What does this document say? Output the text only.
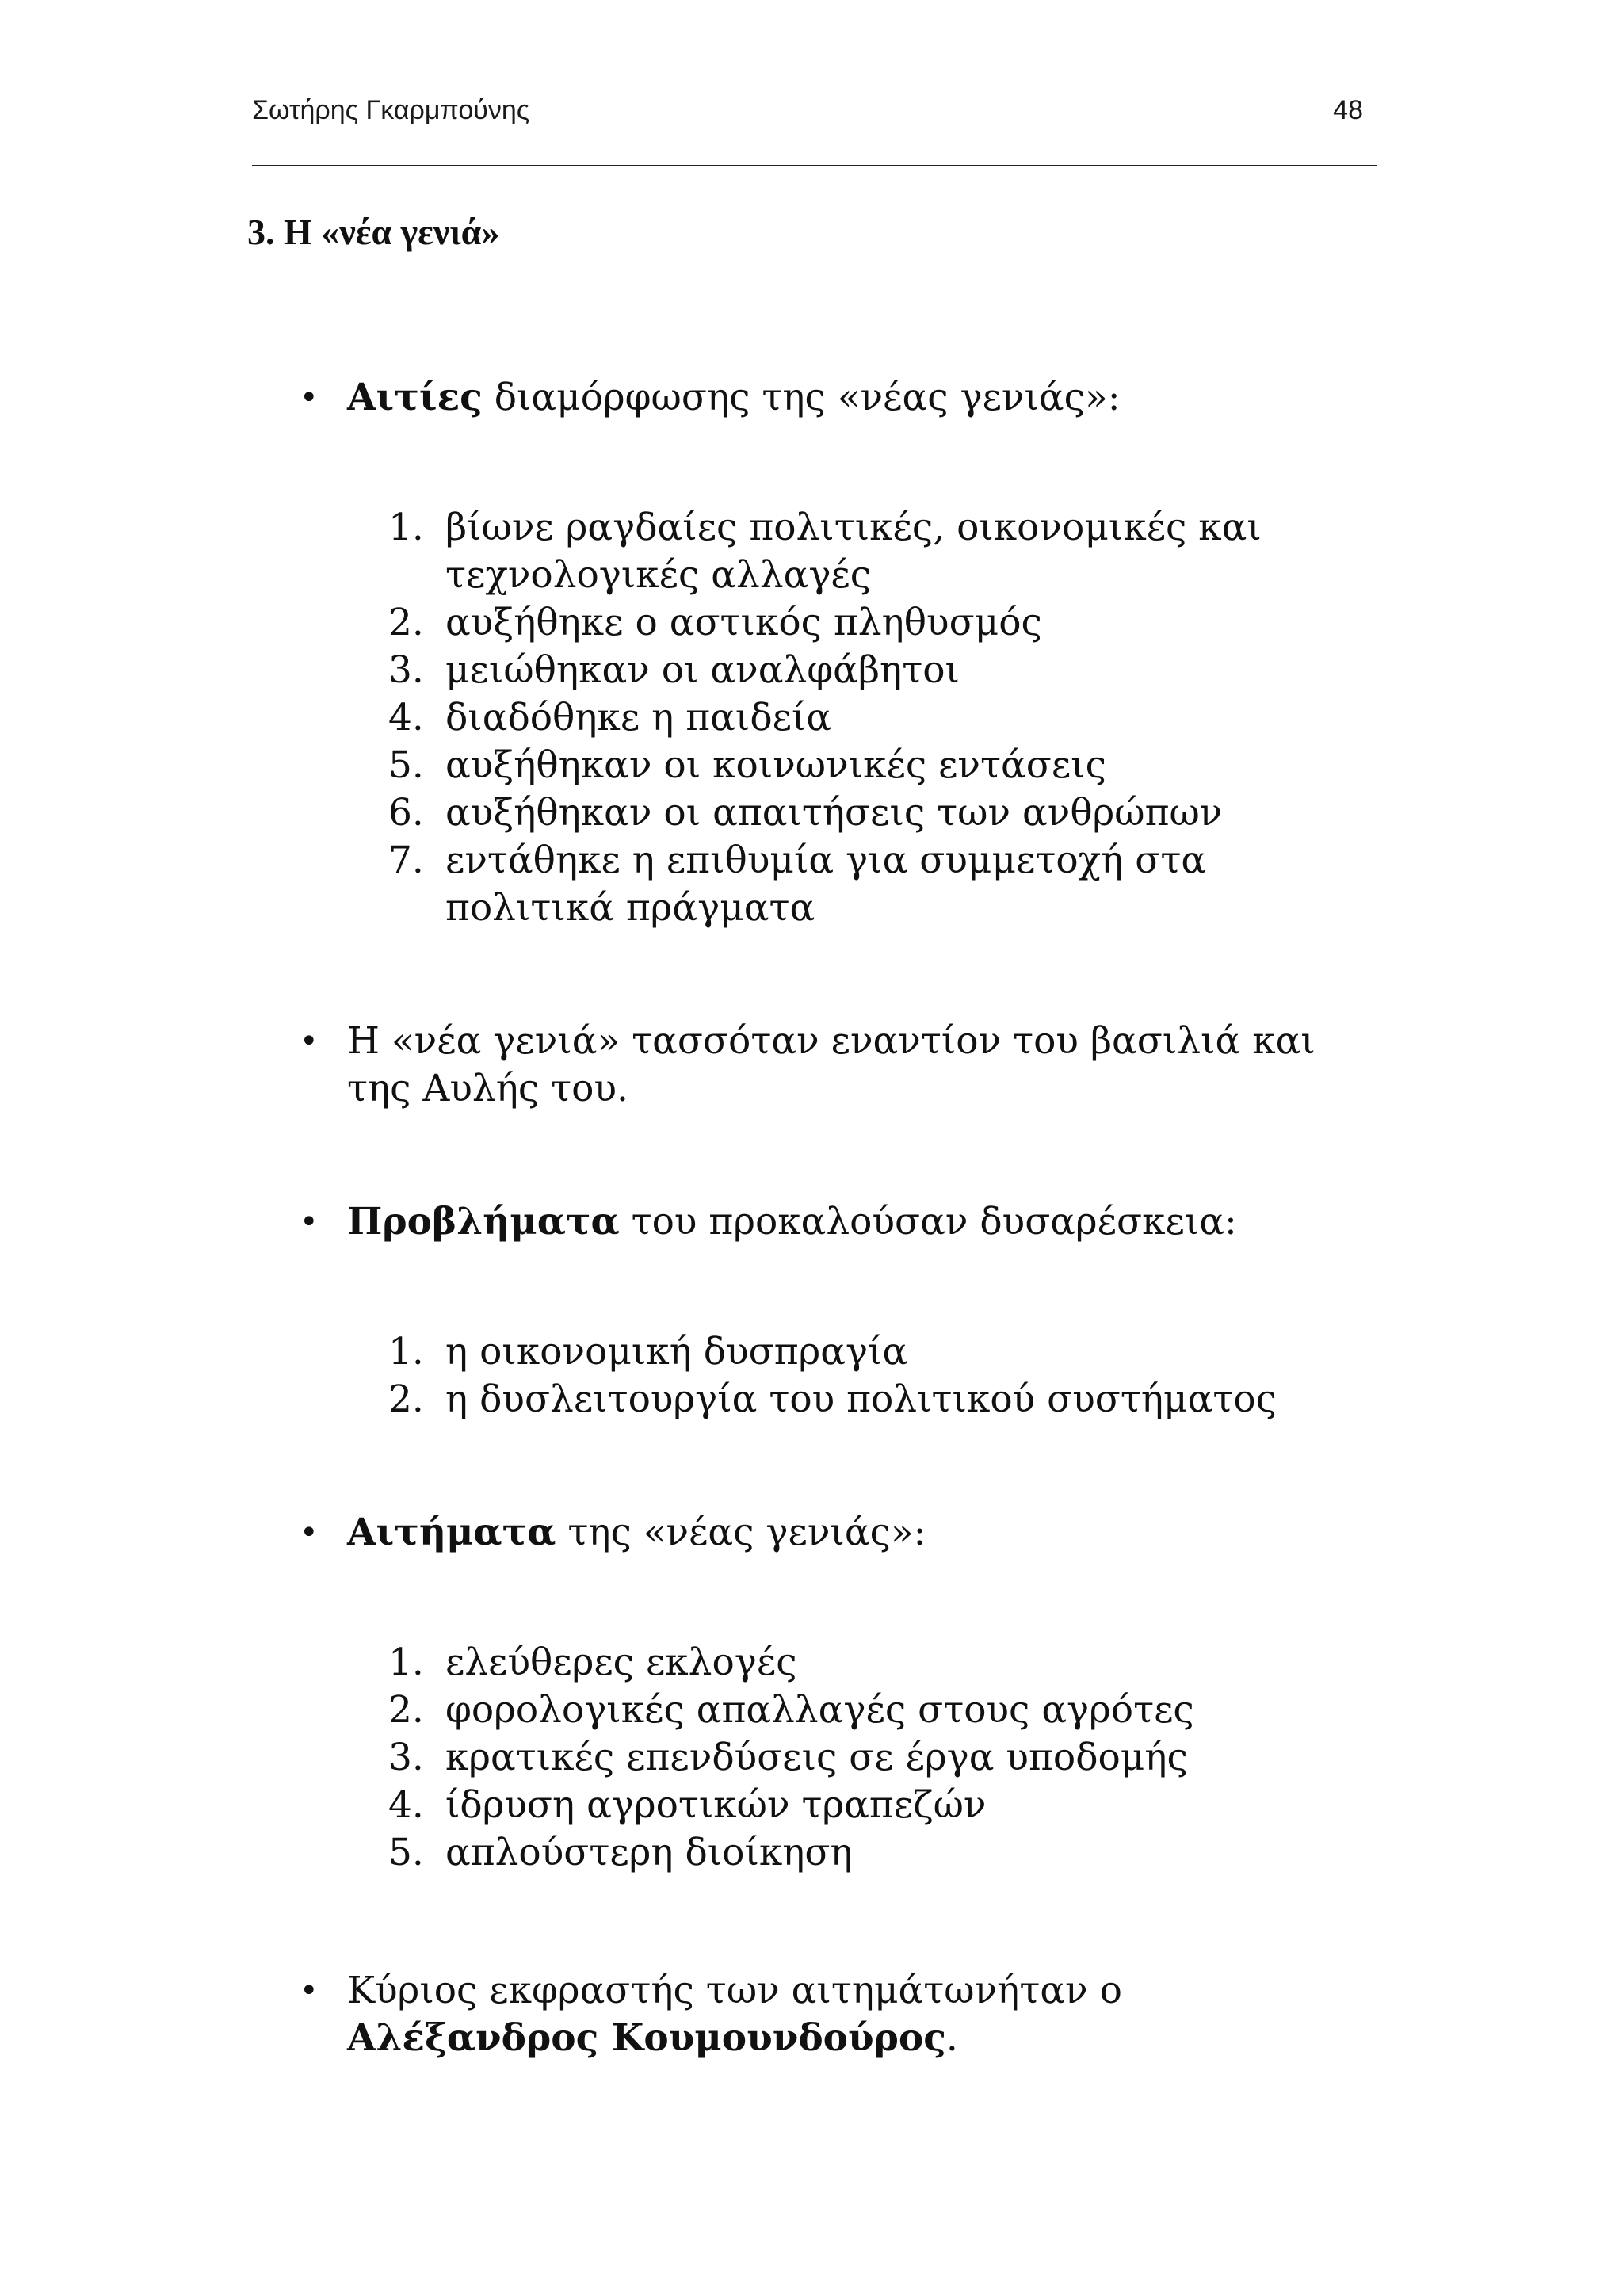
Σωτήρης Γκαρμπούνης	48
3. Η «νέα γενιά»
• Αιτίες διαμόρφωσης της «νέας γενιάς»:
1. βίωνε ραγδαίες πολιτικές, οικονομικές και τεχνολογικές αλλαγές
2. αυξήθηκε ο αστικός πληθυσμός
3. μειώθηκαν οι αναλφάβητοι
4. διαδόθηκε η παιδεία
5. αυξήθηκαν οι κοινωνικές εντάσεις
6. αυξήθηκαν οι απαιτήσεις των ανθρώπων
7. εντάθηκε η επιθυμία για συμμετοχή στα πολιτικά πράγματα
• Η «νέα γενιά» τασσόταν εναντίον του βασιλιά και της Αυλής του.
• Προβλήματα του προκαλούσαν δυσαρέσκεια:
1. η οικονομική δυσπραγία
2. η δυσλειτουργία του πολιτικού συστήματος
• Αιτήματα της «νέας γενιάς»:
1. ελεύθερες εκλογές
2. φορολογικές απαλλαγές στους αγρότες
3. κρατικές επενδύσεις σε έργα υποδομής
4. ίδρυση αγροτικών τραπεζών
5. απλούστερη διοίκηση
• Κύριος εκφραστής των αιτημάτωνήταν ο Αλέξανδρος Κουμουνδούρος.
